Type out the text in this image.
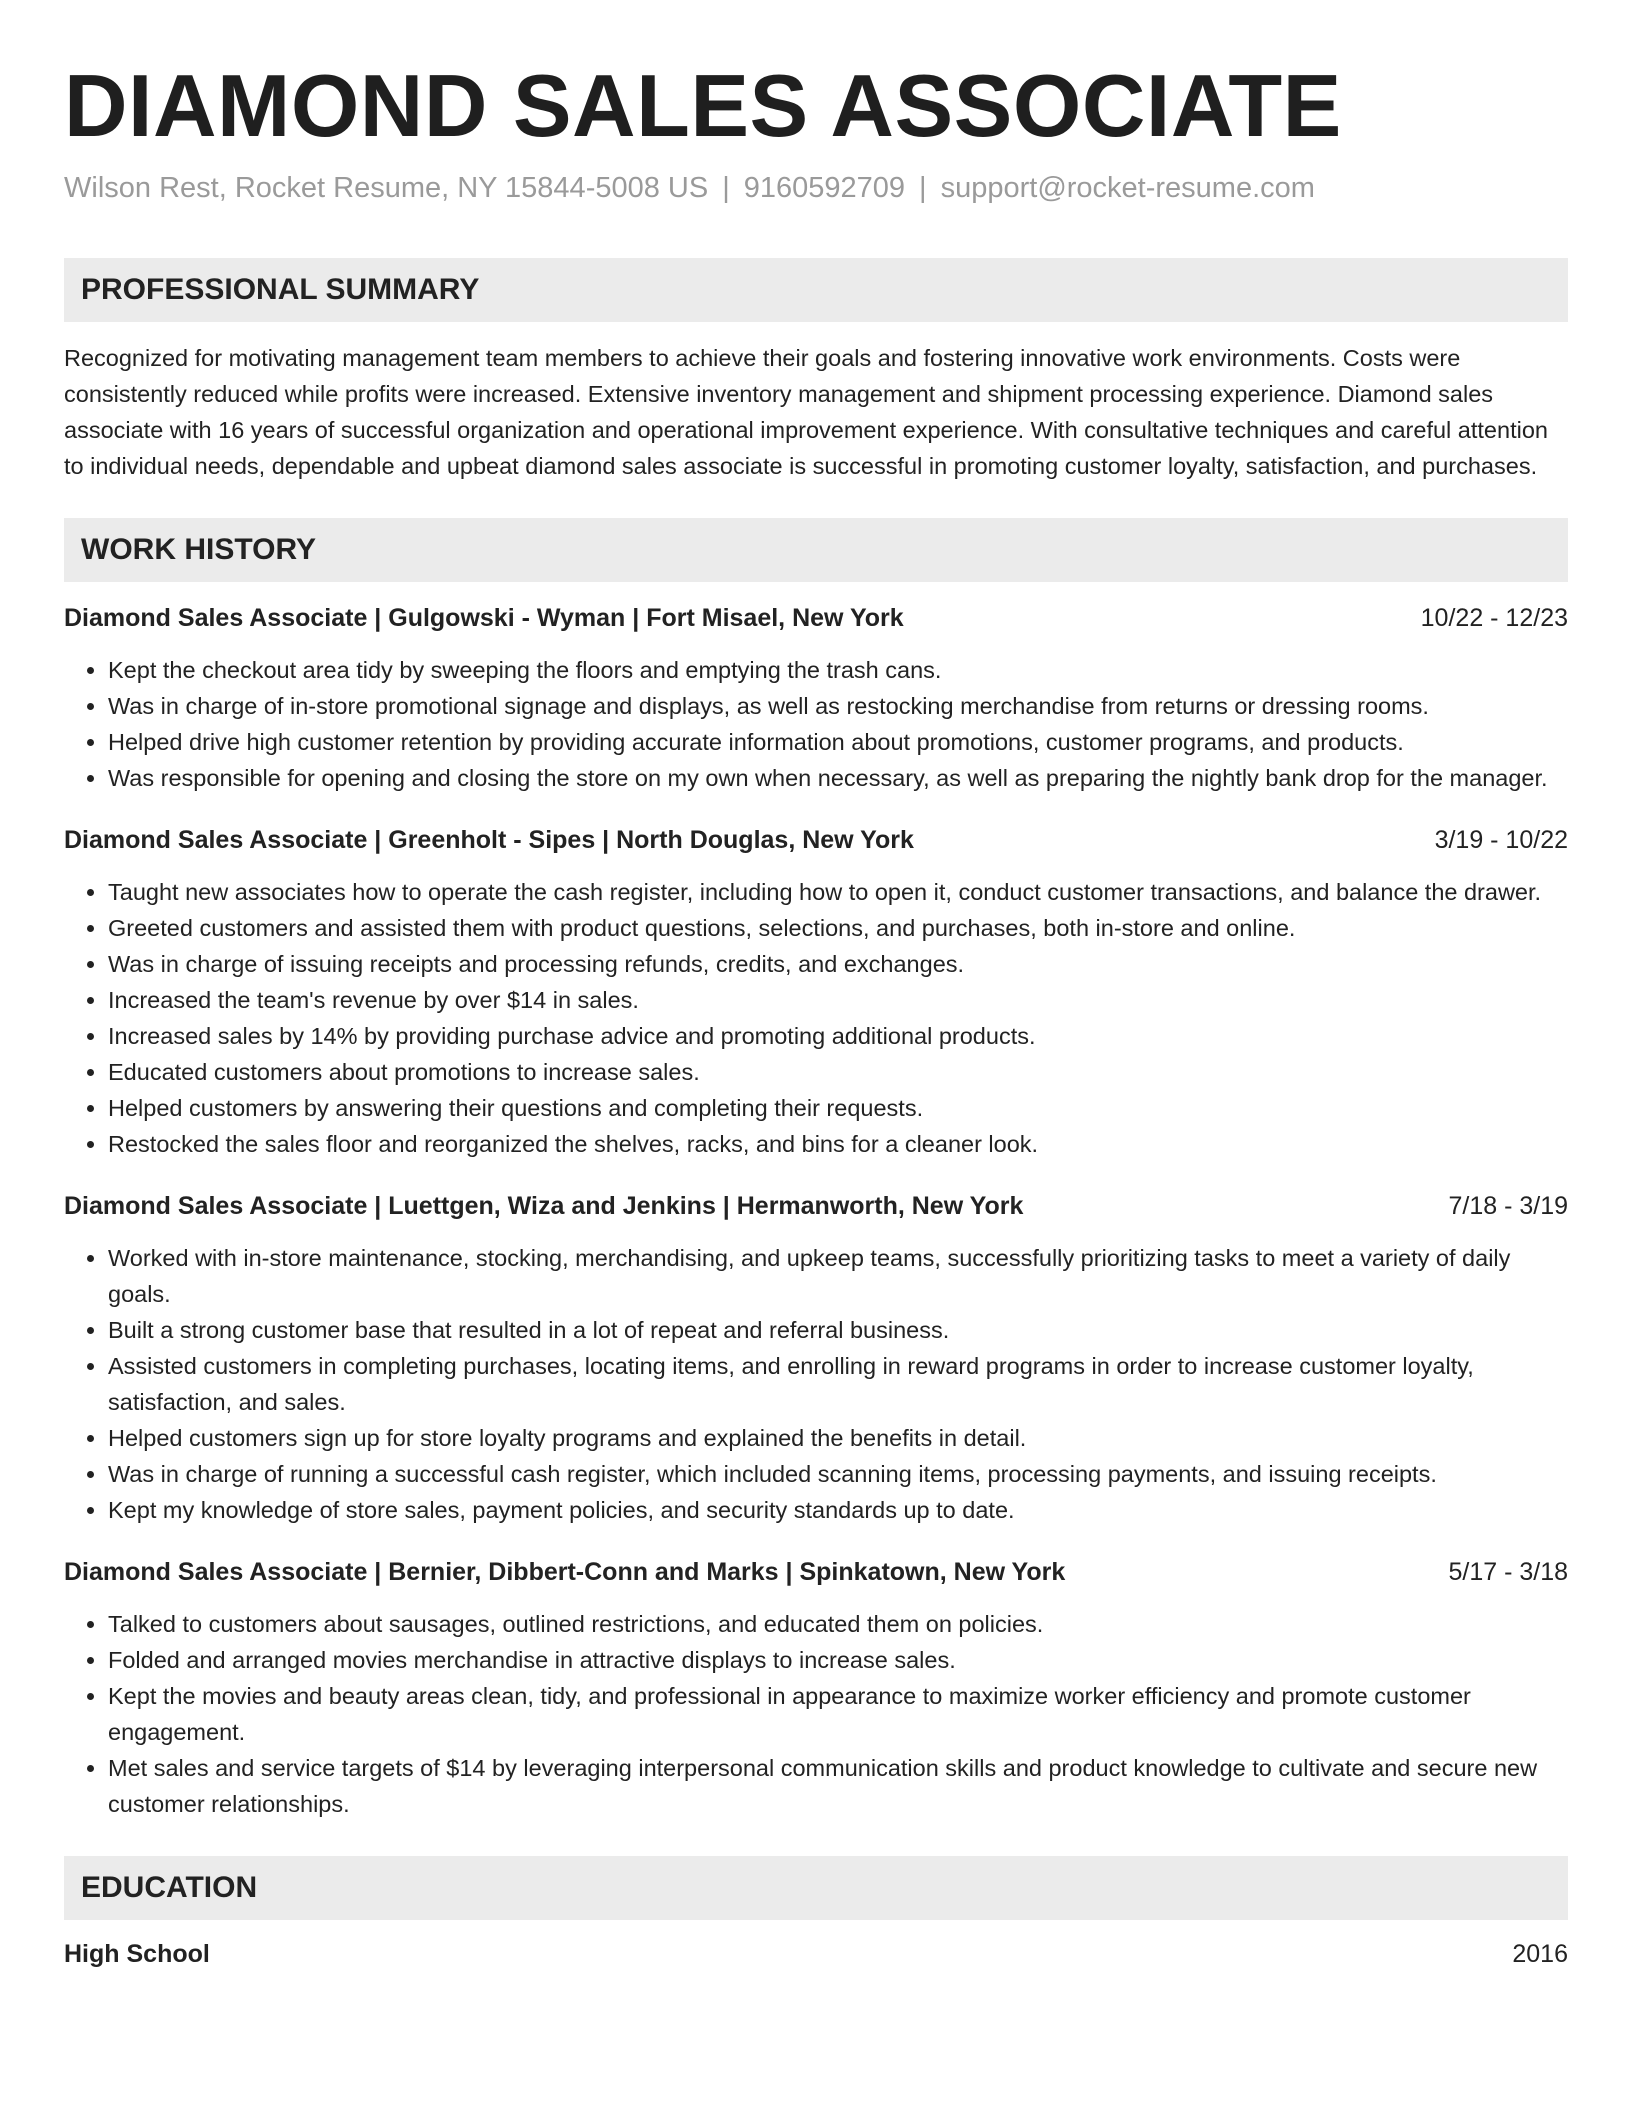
DIAMOND SALES ASSOCIATE
Wilson Rest, Rocket Resume, NY 15844-5008 US | 9160592709 | support@rocket-resume.com
PROFESSIONAL SUMMARY
Recognized for motivating management team members to achieve their goals and fostering innovative work environments. Costs were consistently reduced while profits were increased. Extensive inventory management and shipment processing experience. Diamond sales associate with 16 years of successful organization and operational improvement experience. With consultative techniques and careful attention to individual needs, dependable and upbeat diamond sales associate is successful in promoting customer loyalty, satisfaction, and purchases.
WORK HISTORY
Diamond Sales Associate | Gulgowski - Wyman | Fort Misael, New York	10/22 - 12/23
• Kept the checkout area tidy by sweeping the floors and emptying the trash cans.
• Was in charge of in-store promotional signage and displays, as well as restocking merchandise from returns or dressing rooms.
• Helped drive high customer retention by providing accurate information about promotions, customer programs, and products.
• Was responsible for opening and closing the store on my own when necessary, as well as preparing the nightly bank drop for the manager.
Diamond Sales Associate | Greenholt - Sipes | North Douglas, New York	3/19 - 10/22
• Taught new associates how to operate the cash register, including how to open it, conduct customer transactions, and balance the drawer.
• Greeted customers and assisted them with product questions, selections, and purchases, both in-store and online.
• Was in charge of issuing receipts and processing refunds, credits, and exchanges.
• Increased the team's revenue by over $14 in sales.
• Increased sales by 14% by providing purchase advice and promoting additional products.
• Educated customers about promotions to increase sales.
• Helped customers by answering their questions and completing their requests.
• Restocked the sales floor and reorganized the shelves, racks, and bins for a cleaner look.
Diamond Sales Associate | Luettgen, Wiza and Jenkins | Hermanworth, New York	7/18 - 3/19
• Worked with in-store maintenance, stocking, merchandising, and upkeep teams, successfully prioritizing tasks to meet a variety of daily goals.
• Built a strong customer base that resulted in a lot of repeat and referral business.
• Assisted customers in completing purchases, locating items, and enrolling in reward programs in order to increase customer loyalty, satisfaction, and sales.
• Helped customers sign up for store loyalty programs and explained the benefits in detail.
• Was in charge of running a successful cash register, which included scanning items, processing payments, and issuing receipts.
• Kept my knowledge of store sales, payment policies, and security standards up to date.
Diamond Sales Associate | Bernier, Dibbert-Conn and Marks | Spinkatown, New York	5/17 - 3/18
• Talked to customers about sausages, outlined restrictions, and educated them on policies.
• Folded and arranged movies merchandise in attractive displays to increase sales.
• Kept the movies and beauty areas clean, tidy, and professional in appearance to maximize worker efficiency and promote customer engagement.
• Met sales and service targets of $14 by leveraging interpersonal communication skills and product knowledge to cultivate and secure new customer relationships.
EDUCATION
High School	2016
